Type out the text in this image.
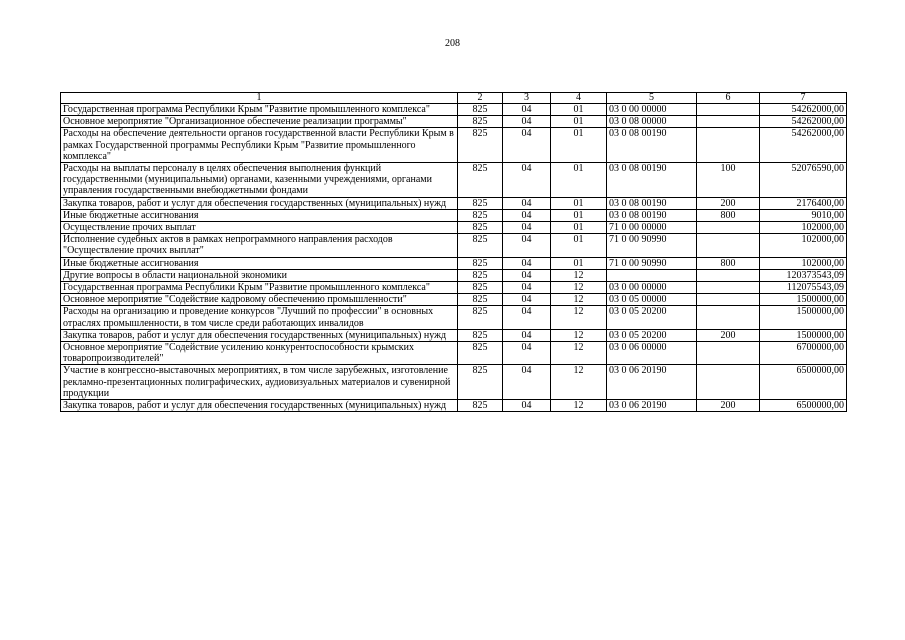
208
1	2	3	4	5	6	7
Государственная программа Республики Крым "Развитие промышленного комплекса"	825	04	01	03 0 00 00000		54262000,00
Основное мероприятие "Организационное обеспечение реализации программы"	825	04	01	03 0 08 00000		54262000,00
Расходы на обеспечение деятельности органов государственной власти Республики Крым в рамках Государственной программы Республики Крым "Развитие промышленного комплекса"	825	04	01	03 0 08 00190		54262000,00
Расходы на выплаты персоналу в целях обеспечения выполнения функций государственными (муниципальными) органами, казенными учреждениями, органами управления государственными внебюджетными фондами	825	04	01	03 0 08 00190	100	52076590,00
Закупка товаров, работ и услуг для обеспечения государственных (муниципальных) нужд	825	04	01	03 0 08 00190	200	2176400,00
Иные бюджетные ассигнования	825	04	01	03 0 08 00190	800	9010,00
Осуществление прочих выплат	825	04	01	71 0 00 00000		102000,00
Исполнение судебных актов в рамках непрограммного направления расходов "Осуществление прочих выплат"	825	04	01	71 0 00 90990		102000,00
Иные бюджетные ассигнования	825	04	01	71 0 00 90990	800	102000,00
Другие вопросы в области национальной экономики	825	04	12			120373543,09
Государственная программа Республики Крым "Развитие промышленного комплекса"	825	04	12	03 0 00 00000		112075543,09
Основное мероприятие "Содействие кадровому обеспечению промышленности"	825	04	12	03 0 05 00000		1500000,00
Расходы на организацию и проведение конкурсов "Лучший по профессии" в основных отраслях промышленности, в том числе среди работающих инвалидов	825	04	12	03 0 05 20200		1500000,00
Закупка товаров, работ и услуг для обеспечения государственных (муниципальных) нужд	825	04	12	03 0 05 20200	200	1500000,00
Основное мероприятие "Содействие усилению конкурентоспособности крымских товаропроизводителей"	825	04	12	03 0 06 00000		6700000,00
Участие в конгрессно-выставочных мероприятиях, в том числе зарубежных, изготовление рекламно-презентационных полиграфических, аудиовизуальных материалов и сувенирной продукции	825	04	12	03 0 06 20190		6500000,00
Закупка товаров, работ и услуг для обеспечения государственных (муниципальных) нужд	825	04	12	03 0 06 20190	200	6500000,00
